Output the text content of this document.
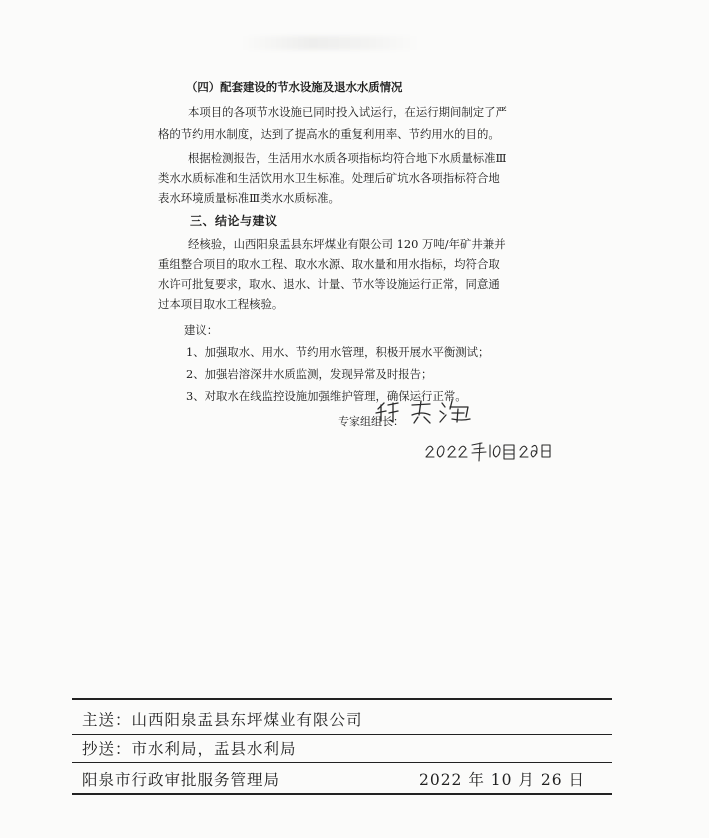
（四）配套建设的节水设施及退水水质情况

本项目的各项节水设施已同时投入试运行，在运行期间制定了严

格的节约用水制度，达到了提高水的重复利用率、节约用水的目的。

根据检测报告，生活用水水质各项指标均符合地下水质量标准Ⅲ

类水水质标准和生活饮用水卫生标准。处理后矿坑水各项指标符合地

表水环境质量标准Ⅲ类水水质标准。

三、结论与建议

经核验，山西阳泉盂县东坪煤业有限公司 120 万吨/年矿井兼并

重组整合项目的取水工程、取水水源、取水量和用水指标，均符合取

水许可批复要求，取水、退水、计量、节水等设施运行正常，同意通

过本项目取水工程核验。

建议：

1、加强取水、用水、节约用水管理，积极开展水平衡测试；

2、加强岩溶深井水质监测，发现异常及时报告；

3、对取水在线监控设施加强维护管理，确保运行正常。

专家组组长：
主送：山西阳泉盂县东坪煤业有限公司
抄送：市水利局，盂县水利局
阳泉市行政审批服务管理局	2022 年 10 月 26 日
